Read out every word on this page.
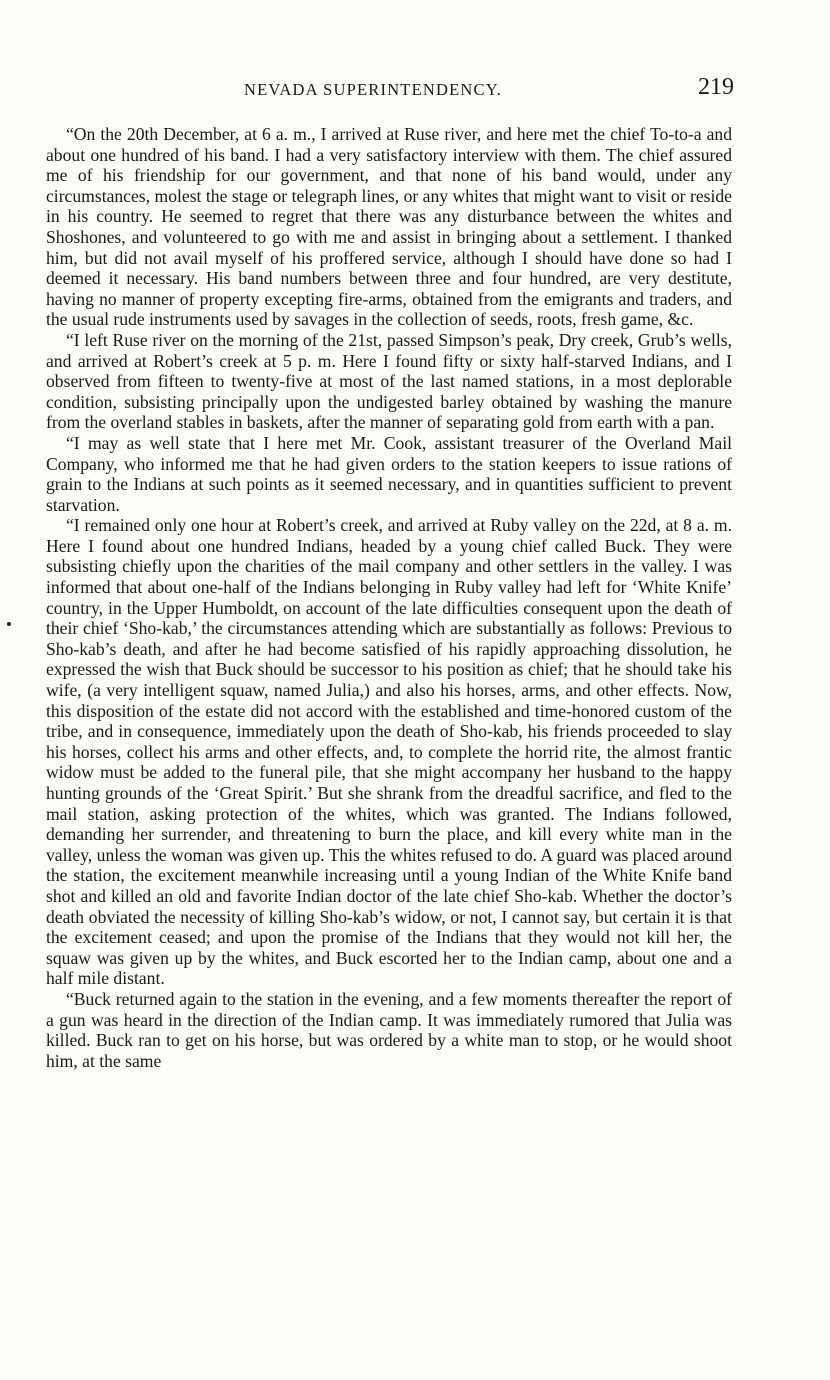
NEVADA SUPERINTENDENCY.	219

“On the 20th December, at 6 a. m., I arrived at Ruse river, and here met the chief To-to-a and about one hundred of his band. I had a very satisfactory interview with them. The chief assured me of his friendship for our government, and that none of his band would, under any circumstances, molest the stage or telegraph lines, or any whites that might want to visit or reside in his country. He seemed to regret that there was any disturbance between the whites and Shoshones, and volunteered to go with me and assist in bringing about a settlement. I thanked him, but did not avail myself of his proffered service, although I should have done so had I deemed it necessary. His band numbers between three and four hundred, are very destitute, having no manner of property excepting fire-arms, obtained from the emigrants and traders, and the usual rude instruments used by savages in the collection of seeds, roots, fresh game, &c.

“I left Ruse river on the morning of the 21st, passed Simpson’s peak, Dry creek, Grub’s wells, and arrived at Robert’s creek at 5 p. m. Here I found fifty or sixty half-starved Indians, and I observed from fifteen to twenty-five at most of the last named stations, in a most deplorable condition, subsisting principally upon the undigested barley obtained by washing the manure from the overland stables in baskets, after the manner of separating gold from earth with a pan.

“I may as well state that I here met Mr. Cook, assistant treasurer of the Overland Mail Company, who informed me that he had given orders to the station keepers to issue rations of grain to the Indians at such points as it seemed necessary, and in quantities sufficient to prevent starvation.

“I remained only one hour at Robert’s creek, and arrived at Ruby valley on the 22d, at 8 a. m. Here I found about one hundred Indians, headed by a young chief called Buck. They were subsisting chiefly upon the charities of the mail company and other settlers in the valley. I was informed that about one-half of the Indians belonging in Ruby valley had left for ‘White Knife’ country, in the Upper Humboldt, on account of the late difficulties consequent upon the death of their chief ‘Sho-kab,’ the circumstances attending which are substantially as follows: Previous to Sho-kab’s death, and after he had become satisfied of his rapidly approaching dissolution, he expressed the wish that Buck should be successor to his position as chief; that he should take his wife, (a very intelligent squaw, named Julia,) and also his horses, arms, and other effects. Now, this disposition of the estate did not accord with the established and time-honored custom of the tribe, and in consequence, immediately upon the death of Sho-kab, his friends proceeded to slay his horses, collect his arms and other effects, and, to complete the horrid rite, the almost frantic widow must be added to the funeral pile, that she might accompany her husband to the happy hunting grounds of the ‘Great Spirit.’ But she shrank from the dreadful sacrifice, and fled to the mail station, asking protection of the whites, which was granted. The Indians followed, demanding her surrender, and threatening to burn the place, and kill every white man in the valley, unless the woman was given up. This the whites refused to do. A guard was placed around the station, the excitement meanwhile increasing until a young Indian of the White Knife band shot and killed an old and favorite Indian doctor of the late chief Sho-kab. Whether the doctor’s death obviated the necessity of killing Sho-kab’s widow, or not, I cannot say, but certain it is that the excitement ceased; and upon the promise of the Indians that they would not kill her, the squaw was given up by the whites, and Buck escorted her to the Indian camp, about one and a half mile distant.

“Buck returned again to the station in the evening, and a few moments thereafter the report of a gun was heard in the direction of the Indian camp. It was immediately rumored that Julia was killed. Buck ran to get on his horse, but was ordered by a white man to stop, or he would shoot him, at the same
